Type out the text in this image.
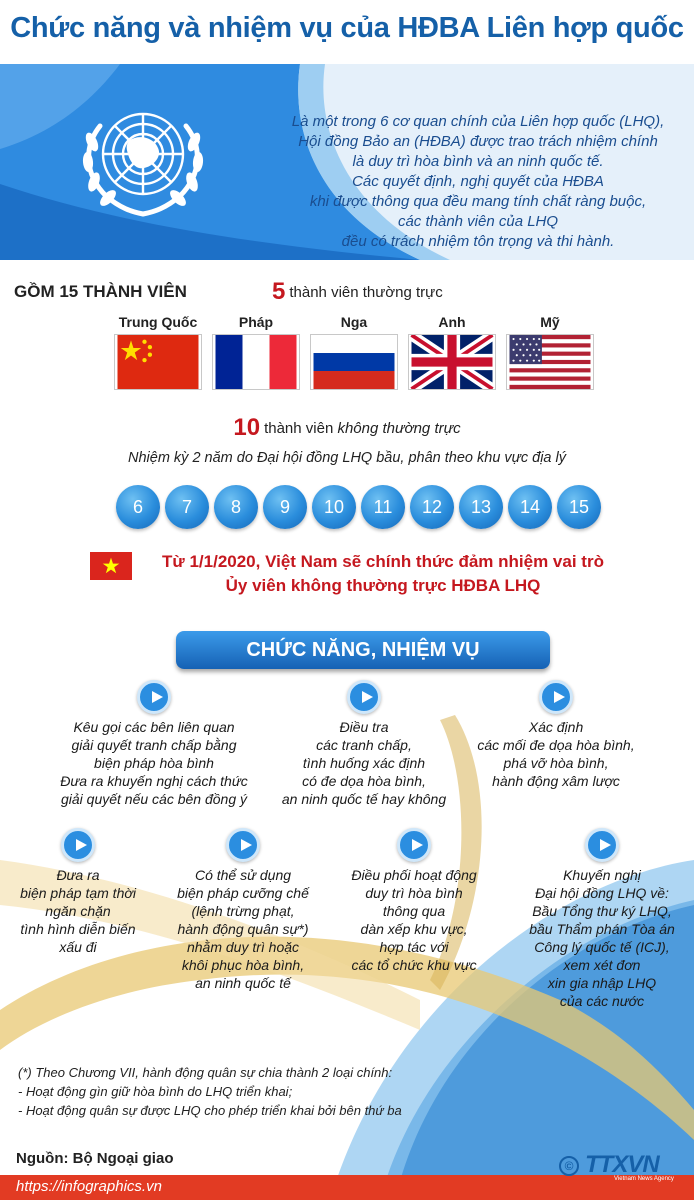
Chức năng và nhiệm vụ của HĐBA Liên hợp quốc
Là một trong 6 cơ quan chính của Liên hợp quốc (LHQ),
Hội đồng Bảo an (HĐBA) được trao trách nhiệm chính
là duy trì hòa bình và an ninh quốc tế.
Các quyết định, nghị quyết của HĐBA
khi được thông qua đều mang tính chất ràng buộc,
các thành viên của LHQ
đều có trách nhiệm tôn trọng và thi hành.
GỒM 15 THÀNH VIÊN	5 thành viên thường trực
Trung Quốc	Pháp	Nga	Anh	Mỹ
10 thành viên không thường trực
Nhiệm kỳ 2 năm do Đại hội đồng LHQ bầu, phân theo khu vực địa lý
6	7	8	9	10	11	12	13	14	15
Từ 1/1/2020, Việt Nam sẽ chính thức đảm nhiệm vai trò
Ủy viên không thường trực HĐBA LHQ
CHỨC NĂNG, NHIỆM VỤ
Kêu gọi các bên liên quan
giải quyết tranh chấp bằng
biện pháp hòa bình
Đưa ra khuyến nghị cách thức
giải quyết nếu các bên đồng ý
Điều tra
các tranh chấp,
tình huống xác định
có đe dọa hòa bình,
an ninh quốc tế hay không
Xác định
các mối đe dọa hòa bình,
phá vỡ hòa bình,
hành động xâm lược
Đưa ra
biện pháp tạm thời
ngăn chặn
tình hình diễn biến
xấu đi
Có thể sử dụng
biện pháp cưỡng chế
(lệnh trừng phạt,
hành động quân sự*)
nhằm duy trì hoặc
khôi phục hòa bình,
an ninh quốc tế
Điều phối hoạt động
duy trì hòa bình
thông qua
dàn xếp khu vực,
hợp tác với
các tổ chức khu vực
Khuyến nghị
Đại hội đồng LHQ về:
Bầu Tổng thư ký LHQ,
bầu Thẩm phán Tòa án
Công lý quốc tế (ICJ),
xem xét đơn
xin gia nhập LHQ
của các nước
(*) Theo Chương VII, hành động quân sự chia thành 2 loại chính:
- Hoạt động gìn giữ hòa bình do LHQ triển khai;
- Hoạt động quân sự được LHQ cho phép triển khai bởi bên thứ ba
Nguồn: Bộ Ngoại giao	© TTXVN
https://infographics.vn	Vietnam News Agency
